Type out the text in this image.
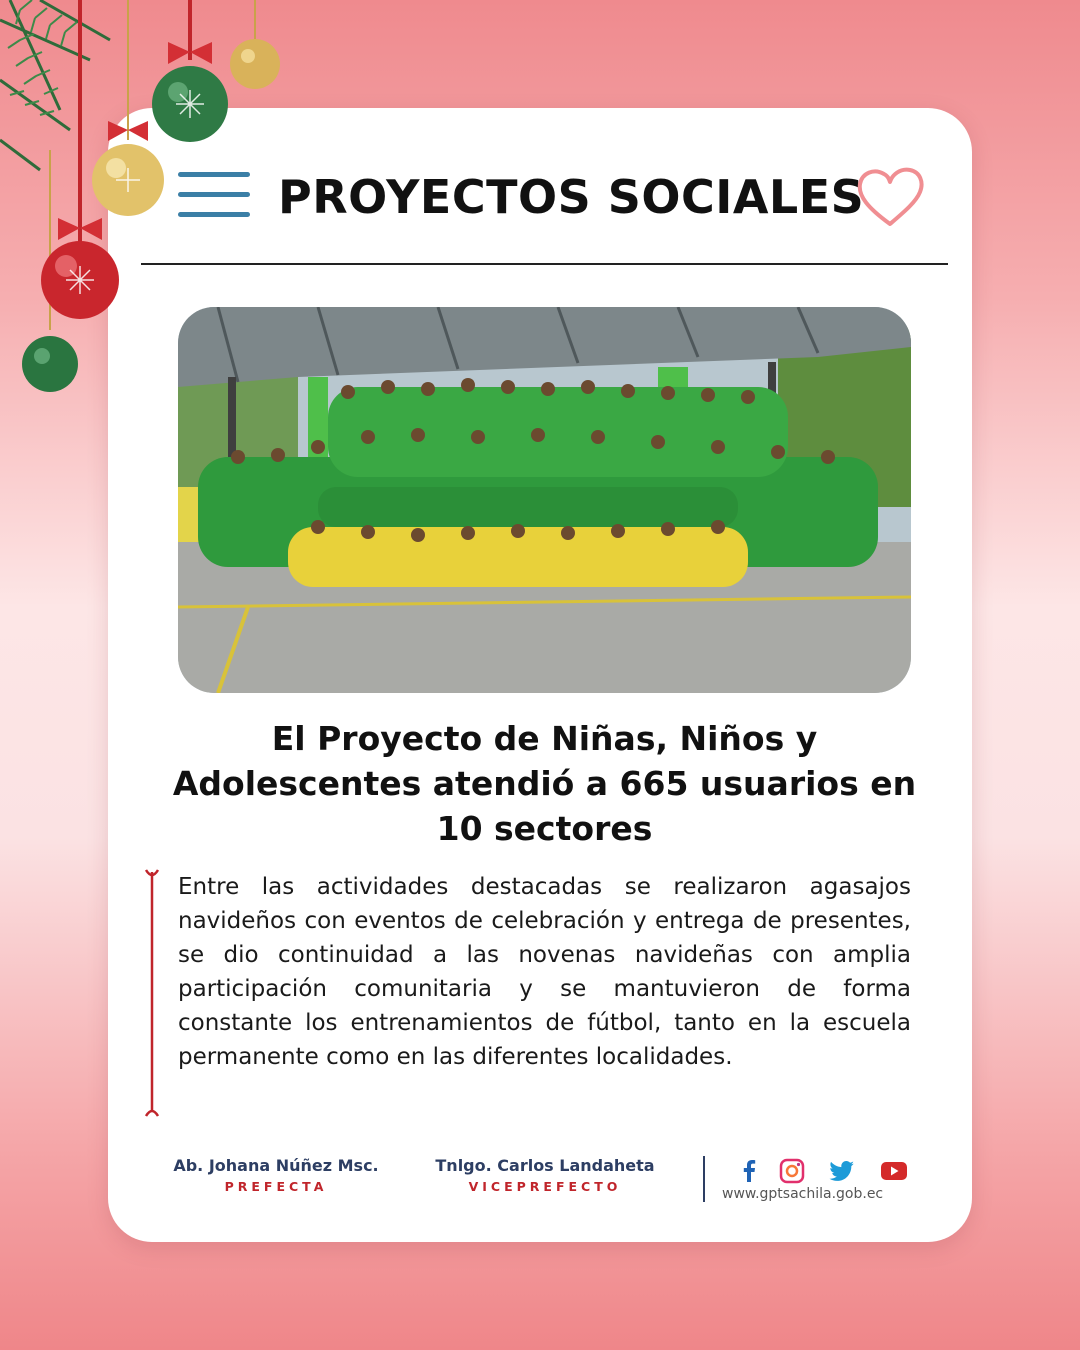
PROYECTOS SOCIALES
El Proyecto de Niñas, Niños y Adolescentes atendió a 665 usuarios en 10 sectores
Entre las actividades destacadas se realizaron agasajos navideños con eventos de celebración y entrega de presentes, se dio continuidad a las novenas navideñas con amplia participación comunitaria y se mantuvieron de forma constante los entrenamientos de fútbol, tanto en la escuela permanente como en las diferentes localidades.
Ab. Johana Núñez Msc.
PREFECTA
Tnlgo. Carlos Landaheta
VICEPREFECTO	www.gptsachila.gob.ec
